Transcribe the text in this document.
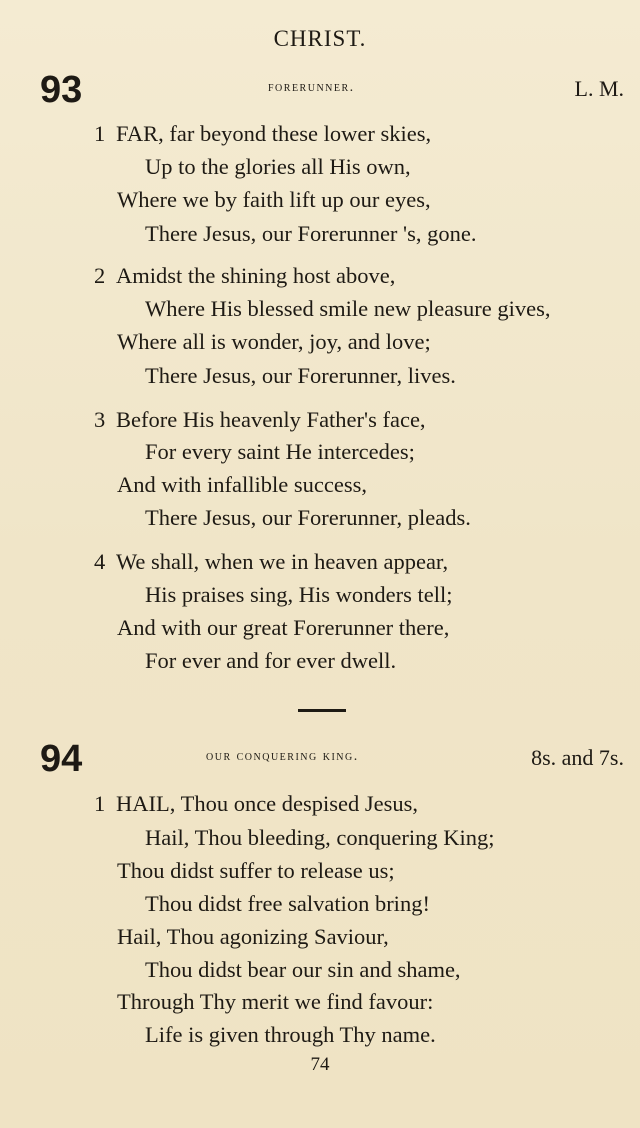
CHRIST.
93	forerunner.	L. M.
1 FAR, far beyond these lower skies,
Up to the glories all His own,
Where we by faith lift up our eyes,
There Jesus, our Forerunner 's, gone.
2 Amidst the shining host above,
Where His blessed smile new pleasure gives,
Where all is wonder, joy, and love;
There Jesus, our Forerunner, lives.
3 Before His heavenly Father's face,
For every saint He intercedes;
And with infallible success,
There Jesus, our Forerunner, pleads.
4 We shall, when we in heaven appear,
His praises sing, His wonders tell;
And with our great Forerunner there,
For ever and for ever dwell.
94	our conquering king.	8s. and 7s.
1 HAIL, Thou once despised Jesus,
Hail, Thou bleeding, conquering King;
Thou didst suffer to release us;
Thou didst free salvation bring!
Hail, Thou agonizing Saviour,
Thou didst bear our sin and shame,
Through Thy merit we find favour:
Life is given through Thy name.
74
